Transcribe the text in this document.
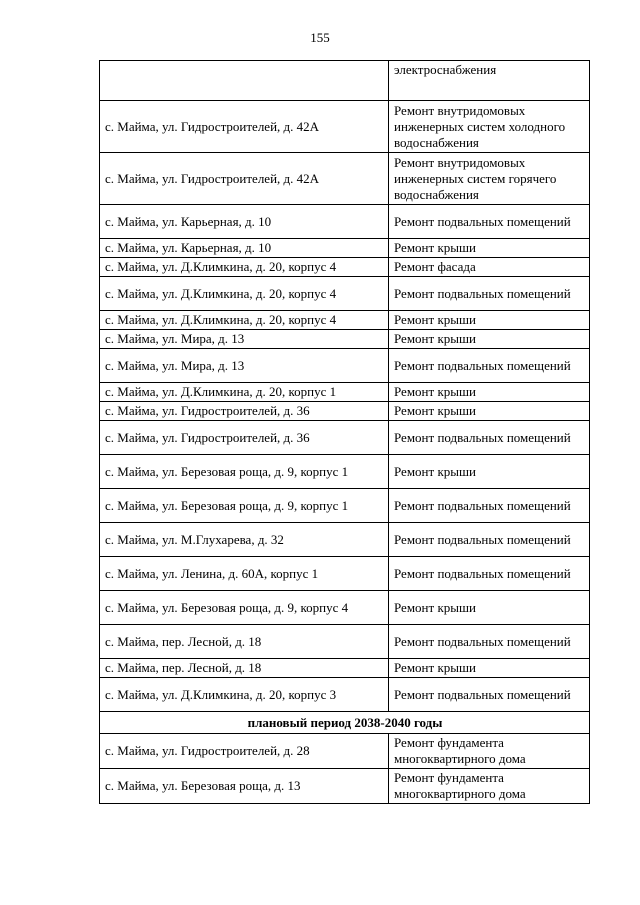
155
	электроснабжения
с. Майма, ул. Гидростроителей, д. 42А	Ремонт внутридомовых инженерных систем холодного водоснабжения
с. Майма, ул. Гидростроителей, д. 42А	Ремонт внутридомовых инженерных систем горячего водоснабжения
с. Майма, ул. Карьерная, д. 10	Ремонт подвальных помещений
с. Майма, ул. Карьерная, д. 10	Ремонт крыши
с. Майма, ул. Д.Климкина, д. 20, корпус 4	Ремонт фасада
с. Майма, ул. Д.Климкина, д. 20, корпус 4	Ремонт подвальных помещений
с. Майма, ул. Д.Климкина, д. 20, корпус 4	Ремонт крыши
с. Майма, ул. Мира, д. 13	Ремонт крыши
с. Майма, ул. Мира, д. 13	Ремонт подвальных помещений
с. Майма, ул. Д.Климкина, д. 20, корпус 1	Ремонт крыши
с. Майма, ул. Гидростроителей, д. 36	Ремонт крыши
с. Майма, ул. Гидростроителей, д. 36	Ремонт подвальных помещений
с. Майма, ул. Березовая роща, д. 9, корпус 1	Ремонт крыши
с. Майма, ул. Березовая роща, д. 9, корпус 1	Ремонт подвальных помещений
с. Майма, ул. М.Глухарева, д. 32	Ремонт подвальных помещений
с. Майма, ул. Ленина, д. 60А, корпус 1	Ремонт подвальных помещений
с. Майма, ул. Березовая роща, д. 9, корпус 4	Ремонт крыши
с. Майма, пер. Лесной, д. 18	Ремонт подвальных помещений
с. Майма, пер. Лесной, д. 18	Ремонт крыши
с. Майма, ул. Д.Климкина, д. 20, корпус 3	Ремонт подвальных помещений
плановый период 2038-2040 годы	
с. Майма, ул. Гидростроителей, д. 28	Ремонт фундамента многоквартирного дома
с. Майма, ул. Березовая роща, д. 13	Ремонт фундамента многоквартирного дома
